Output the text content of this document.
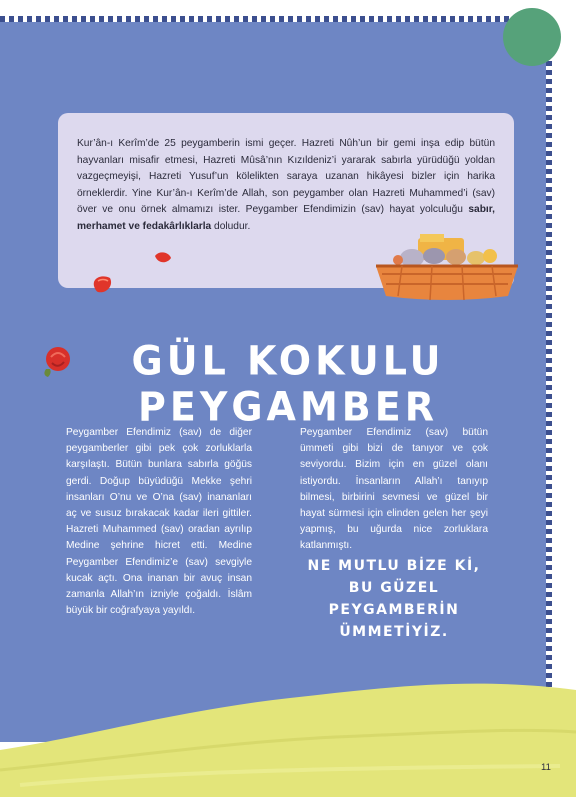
Kur’ân-ı Kerîm’de 25 peygamberin ismi geçer. Hazreti Nûh’un bir gemi inşa edip bütün hayvanları misafir etmesi, Hazreti Mûsâ’nın Kızıldeniz’i yararak sabırla yürüdüğü yoldan vazgeçmeyişi, Hazreti Yusuf’un kölelikten saraya uzanan hikâyesi bizler için harika örneklerdir. Yine Kur’ân-ı Kerîm’de Allah, son peygamber olan Hazreti Muhammed’i (sav) över ve onu örnek almamızı ister. Peygamber Efendimizin (sav) hayat yolculuğu sabır, merhamet ve fedakârlıklarla doludur.

GÜL KOKULU PEYGAMBER

Peygamber Efendimiz (sav) de diğer peygamberler gibi pek çok zorluklarla karşılaştı. Bütün bunlara sabırla göğüs gerdi. Doğup büyüdüğü Mekke şehri insanları O’nu ve O’na (sav) inananları aç ve susuz bırakacak kadar ileri gittiler. Hazreti Muhammed (sav) oradan ayrılıp Medine şehrine hicret etti. Medine Peygamber Efendimiz’e (sav) sevgiyle kucak açtı. Ona inanan bir avuç insan zamanla Allah’ın izniyle çoğaldı. İslâm büyük bir coğrafyaya yayıldı.

Peygamber Efendimiz (sav) bütün ümmeti gibi bizi de tanıyor ve çok seviyordu. Bizim için en güzel olanı istiyordu. İnsanların Allah’ı tanıyıp bilmesi, birbirini sevmesi ve güzel bir hayat sürmesi için elinden gelen her şeyi yapmış, bu uğurda nice zorluklara katlanmıştı.

NE MUTLU BİZE Kİ, BU GÜZEL PEYGAMBERİN ÜMMETİYİZ.

11
